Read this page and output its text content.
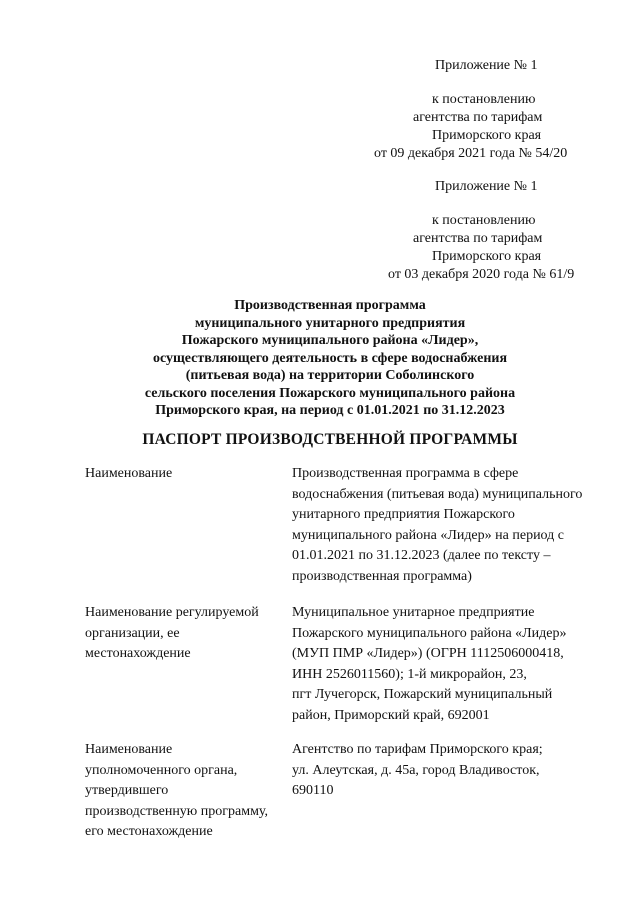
Приложение № 1
к постановлению
агентства по тарифам
Приморского края
от 09 декабря 2021 года № 54/20
Приложение № 1
к постановлению
агентства по тарифам
Приморского края
от 03 декабря 2020 года № 61/9
Производственная программа
муниципального унитарного предприятия
Пожарского муниципального района «Лидер»,
осуществляющего деятельность в сфере водоснабжения
(питьевая вода) на территории Соболинского
сельского поселения Пожарского муниципального района
Приморского края, на период с 01.01.2021 по 31.12.2023
ПАСПОРТ ПРОИЗВОДСТВЕННОЙ ПРОГРАММЫ
Наименование	Производственная программа в сфере
водоснабжения (питьевая вода) муниципального
унитарного предприятия Пожарского
муниципального района «Лидер» на период с
01.01.2021 по 31.12.2023 (далее по тексту –
производственная программа)
Наименование регулируемой
организации, ее
местонахождение
Муниципальное унитарное предприятие
Пожарского муниципального района «Лидер»
(МУП ПМР «Лидер») (ОГРН 1112506000418,
ИНН 2526011560); 1-й микрорайон, 23,
пгт Лучегорск, Пожарский муниципальный
район, Приморский край, 692001
Наименование
уполномоченного органа,
утвердившего
производственную программу,
его местонахождение
Агентство по тарифам Приморского края;
ул. Алеутская, д. 45а, город Владивосток,
690110
